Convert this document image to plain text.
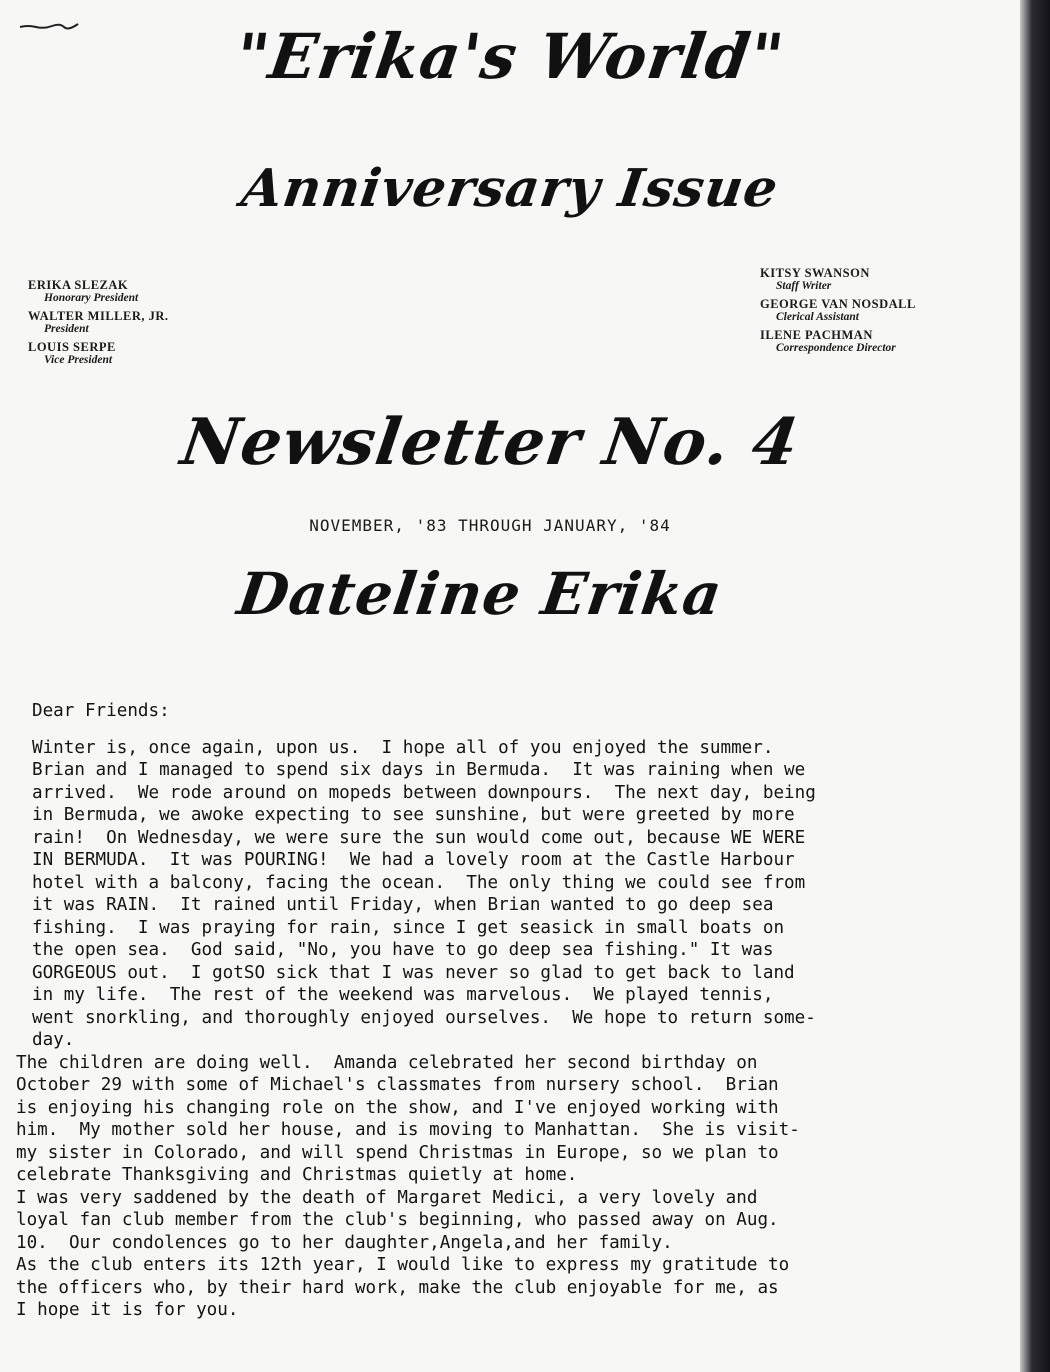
"Erika's World"
Anniversary Issue
ERIKA SLEZAK
Honorary President
WALTER MILLER, JR.
President
LOUIS SERPE
Vice President
KITSY SWANSON
Staff Writer
GEORGE VAN NOSDALL
Clerical Assistant
ILENE PACHMAN
Correspondence Director
Newsletter No. 4
NOVEMBER, '83 THROUGH JANUARY, '84
Dateline Erika
Dear Friends:
Winter is, once again, upon us.  I hope all of you enjoyed the summer.
Brian and I managed to spend six days in Bermuda.  It was raining when we
arrived.  We rode around on mopeds between downpours.  The next day, being
in Bermuda, we awoke expecting to see sunshine, but were greeted by more
rain!  On Wednesday, we were sure the sun would come out, because WE WERE
IN BERMUDA.  It was POURING!  We had a lovely room at the Castle Harbour
hotel with a balcony, facing the ocean.  The only thing we could see from
it was RAIN.  It rained until Friday, when Brian wanted to go deep sea
fishing.  I was praying for rain, since I get seasick in small boats on
the open sea.  God said, "No, you have to go deep sea fishing." It was
GORGEOUS out.  I gotSO sick that I was never so glad to get back to land
in my life.  The rest of the weekend was marvelous.  We played tennis,
went snorkling, and thoroughly enjoyed ourselves.  We hope to return some-
day.
The children are doing well.  Amanda celebrated her second birthday on
October 29 with some of Michael's classmates from nursery school.  Brian
is enjoying his changing role on the show, and I've enjoyed working with
him.  My mother sold her house, and is moving to Manhattan.  She is visit-
my sister in Colorado, and will spend Christmas in Europe, so we plan to
celebrate Thanksgiving and Christmas quietly at home.
I was very saddened by the death of Margaret Medici, a very lovely and
loyal fan club member from the club's beginning, who passed away on Aug.
10.  Our condolences go to her daughter,Angela,and her family.
As the club enters its 12th year, I would like to express my gratitude to
the officers who, by their hard work, make the club enjoyable for me, as
I hope it is for you.
